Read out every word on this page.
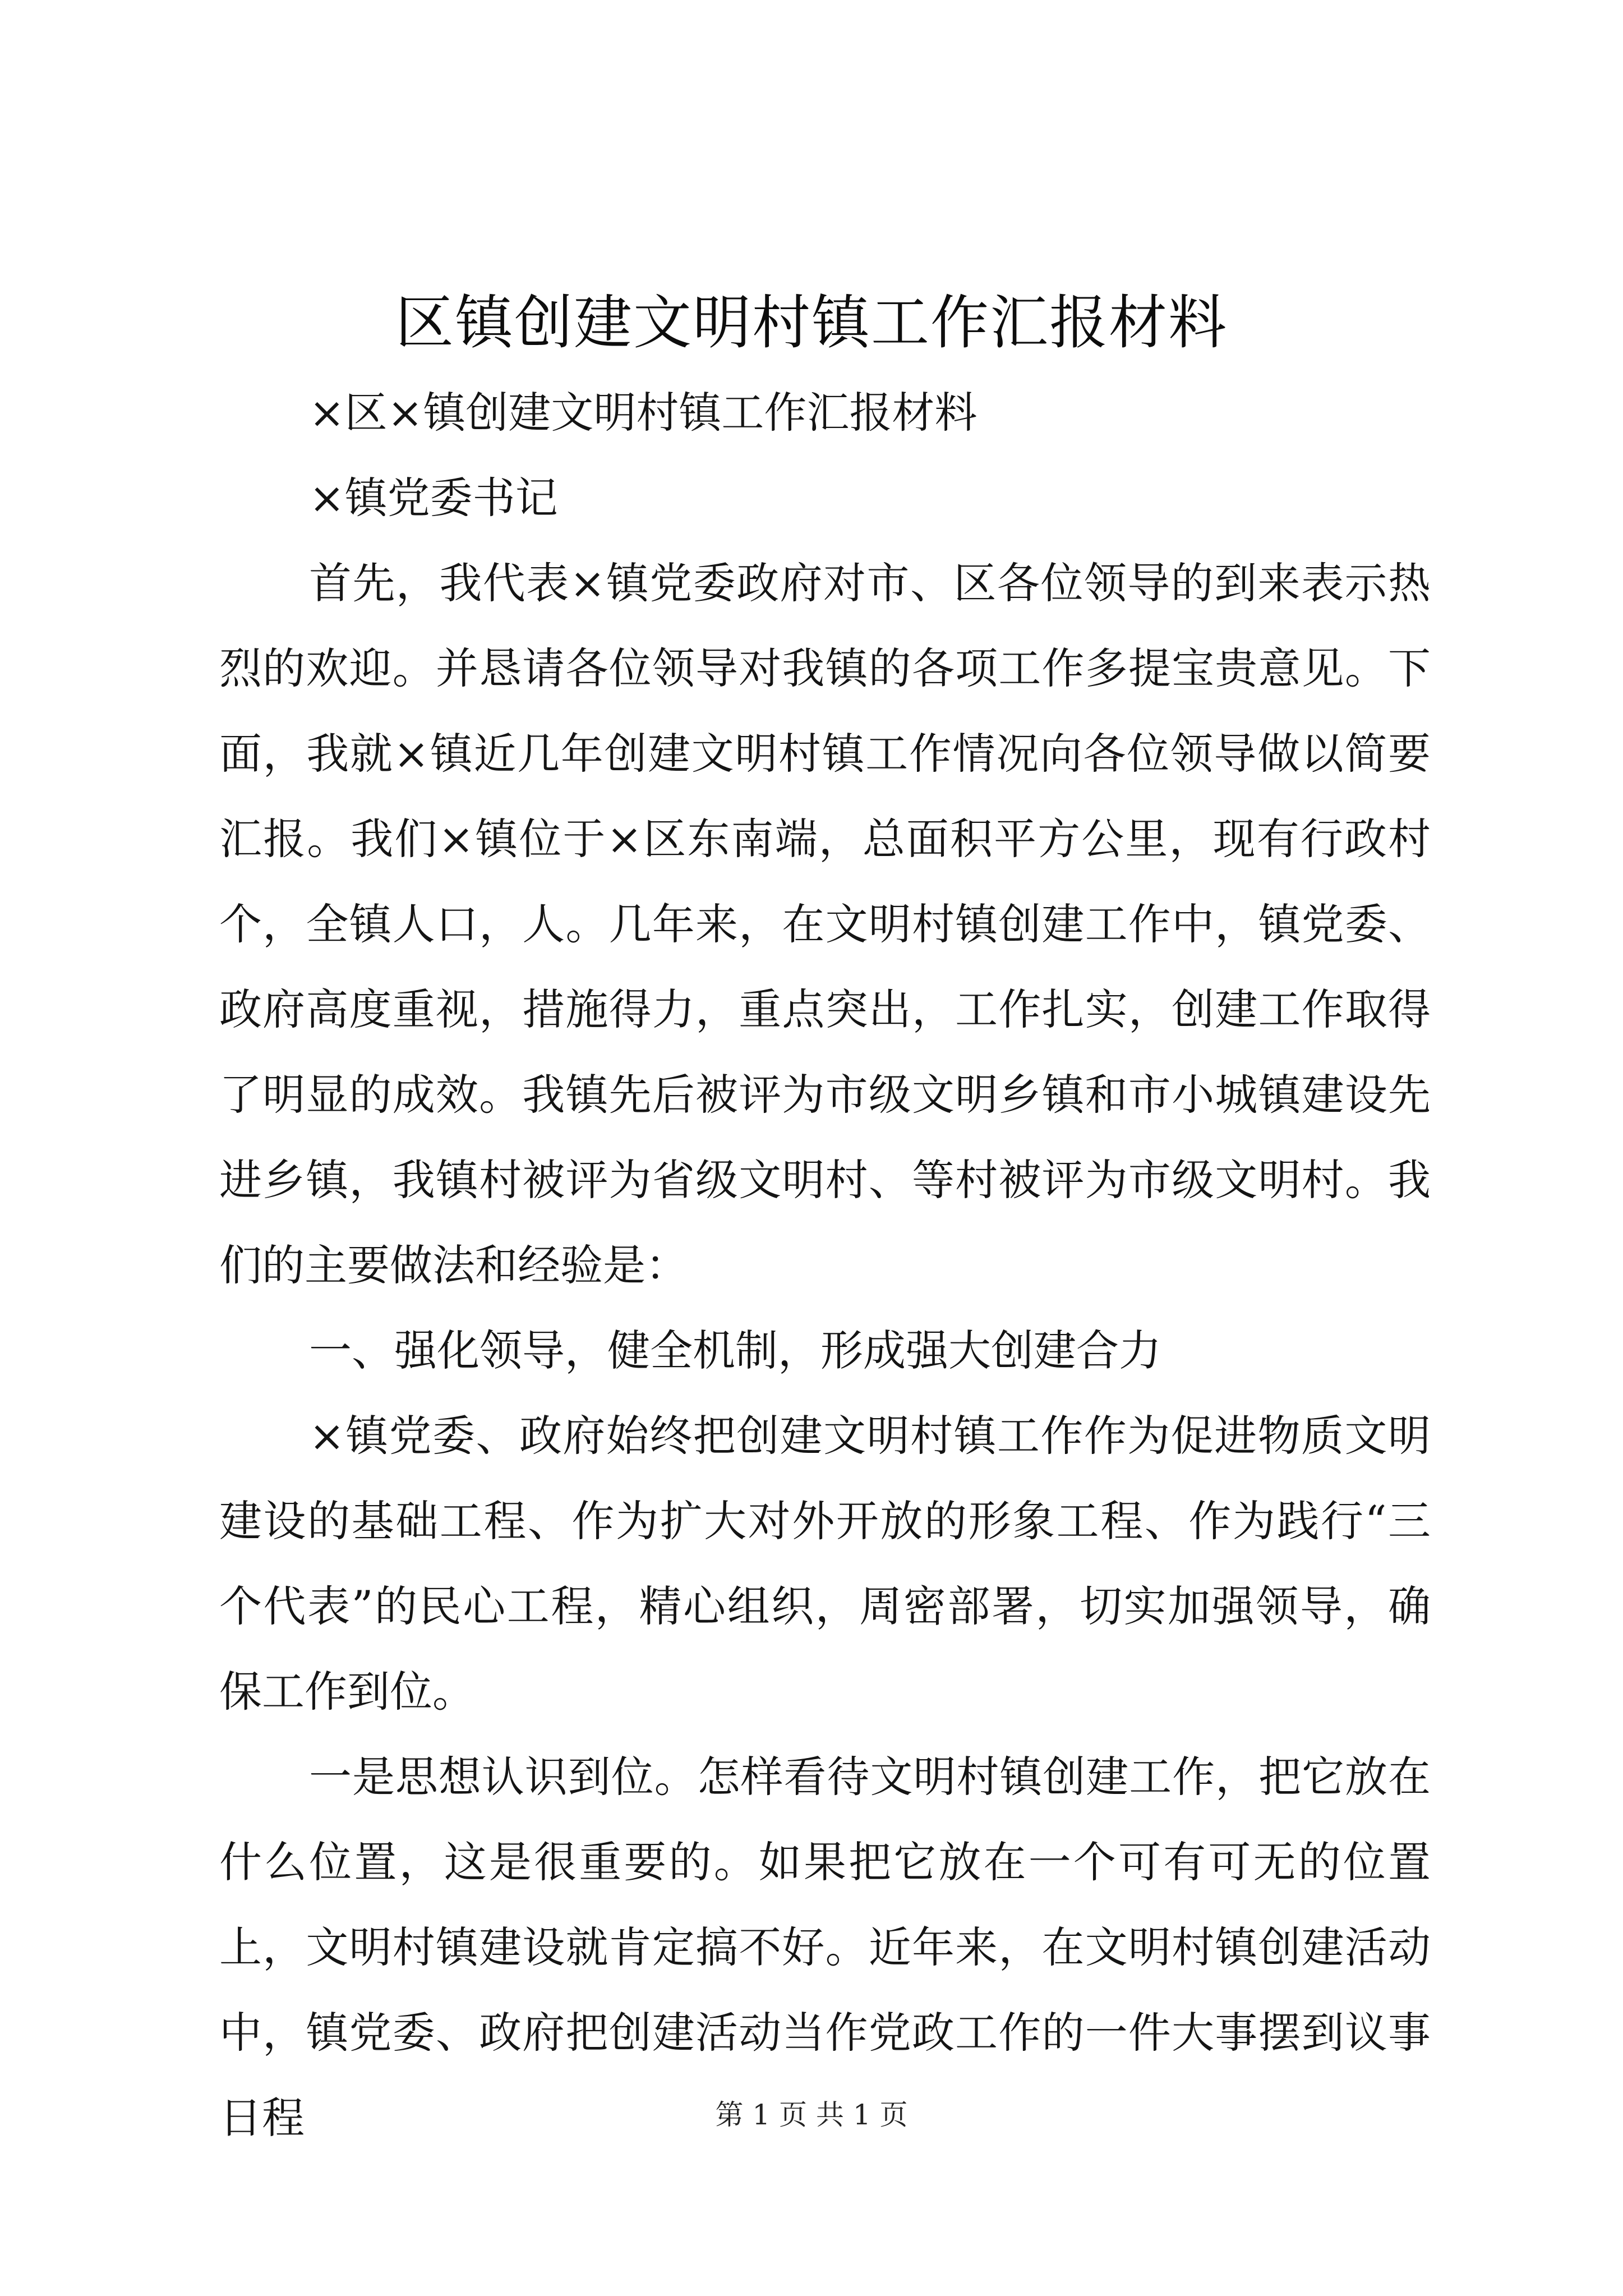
区镇创建文明村镇工作汇报材料

×区×镇创建文明村镇工作汇报材料

×镇党委书记

首先，我代表×镇党委政府对市、区各位领导的到来表示热烈的欢迎。并恳请各位领导对我镇的各项工作多提宝贵意见。下面，我就×镇近几年创建文明村镇工作情况向各位领导做以简要汇报。我们×镇位于×区东南端，总面积平方公里，现有行政村个，全镇人口，人。几年来，在文明村镇创建工作中，镇党委、政府高度重视，措施得力，重点突出，工作扎实，创建工作取得了明显的成效。我镇先后被评为市级文明乡镇和市小城镇建设先进乡镇，我镇村被评为省级文明村、等村被评为市级文明村。我们的主要做法和经验是：

一、强化领导，健全机制，形成强大创建合力

×镇党委、政府始终把创建文明村镇工作作为促进物质文明建设的基础工程、作为扩大对外开放的形象工程、作为践行“三个代表”的民心工程，精心组织，周密部署，切实加强领导，确保工作到位。

一是思想认识到位。怎样看待文明村镇创建工作，把它放在什么位置，这是很重要的。如果把它放在一个可有可无的位置上，文明村镇建设就肯定搞不好。近年来，在文明村镇创建活动中，镇党委、政府把创建活动当作党政工作的一件大事摆到议事日程	第 1 页 共 1 页
